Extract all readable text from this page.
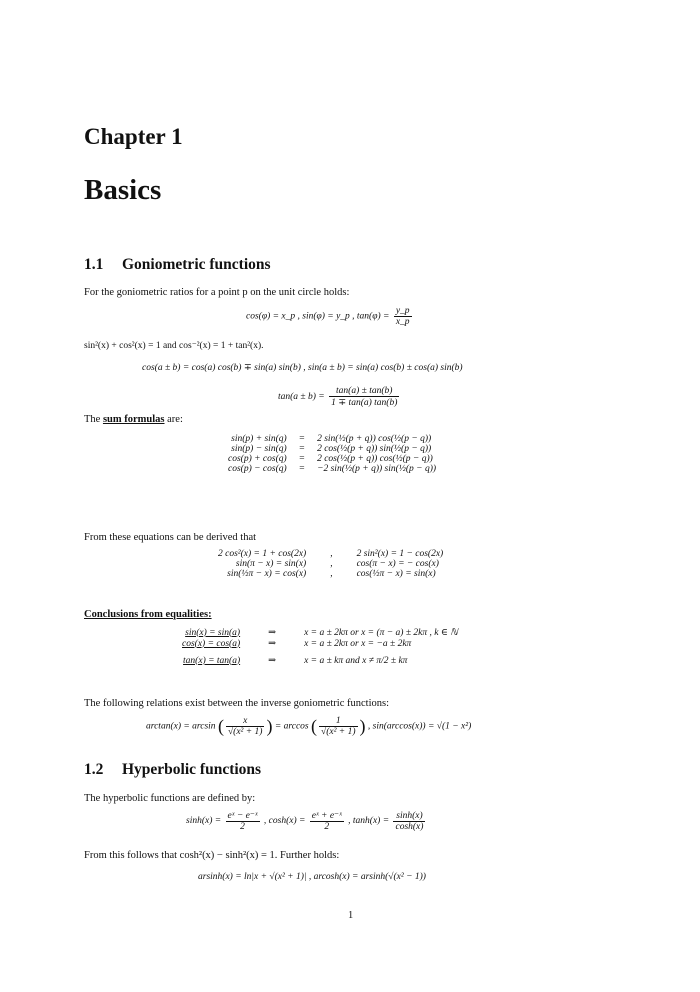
Chapter 1
Basics
1.1 Goniometric functions
For the goniometric ratios for a point p on the unit circle holds:
cos(φ) = x_p , sin(φ) = y_p , $\tan(\varphi) = \frac{y\_p}{x\_p}$
sin²(x) + cos²(x) = 1 and cos⁻²(x) = 1 + tan²(x).
cos(a ± b) = cos(a) cos(b) ∓ sin(a) sin(b) , sin(a ± b) = sin(a) cos(b) ± cos(a) sin(b)
$\tan(a \pm b) = \frac{\tan(a) \pm \tan(b)}{1 \mp \tan(a) \tan(b)}$
The sum formulas are:
sin(p) + sin(q)	=	2 sin(½(p + q)) cos(½(p − q))
sin(p) − sin(q)	=	2 cos(½(p + q)) sin(½(p − q))
cos(p) + cos(q)	=	2 cos(½(p + q)) cos(½(p − q))
cos(p) − cos(q)	=	−2 sin(½(p + q)) sin(½(p − q))
From these equations can be derived that
2 cos²(x) = 1 + cos(2x)	,	2 sin²(x) = 1 − cos(2x)
sin(π − x) = sin(x)	,	cos(π − x) = − cos(x)
sin(½π − x) = cos(x)	,	cos(½π − x) = sin(x)
Conclusions from equalities:
sin(x) = sin(a)	⇒	x = a ± 2kπ or x = (π − a) ± 2kπ , k ∈ ℕ
cos(x) = cos(a)	⇒	x = a ± 2kπ or x = −a ± 2kπ
tan(x) = tan(a)	⇒	x = a ± kπ and x ≠ π/2 ± kπ
The following relations exist between the inverse goniometric functions:
arctan(x) = arcsin ( $\frac{x}{\text{√(x² + 1)}}$ ) = arccos ( $\frac{1}{\text{√(x² + 1)}}$ ) , sin(arccos(x)) = √(1 − x²)
1.2 Hyperbolic functions
The hyperbolic functions are defined by:
$\sinh(x) = \frac{\text{eˣ − e⁻ˣ}}{2}$ , $\cosh(x) = \frac{\text{eˣ + e⁻ˣ}}{2}$ , $\tanh(x) = \frac{\sinh(x)}{\cosh(x)}$
From this follows that cosh²(x) − sinh²(x) = 1. Further holds:
arsinh(x) = ln|x + √(x² + 1)| , arcosh(x) = arsinh(√(x² − 1))
1
